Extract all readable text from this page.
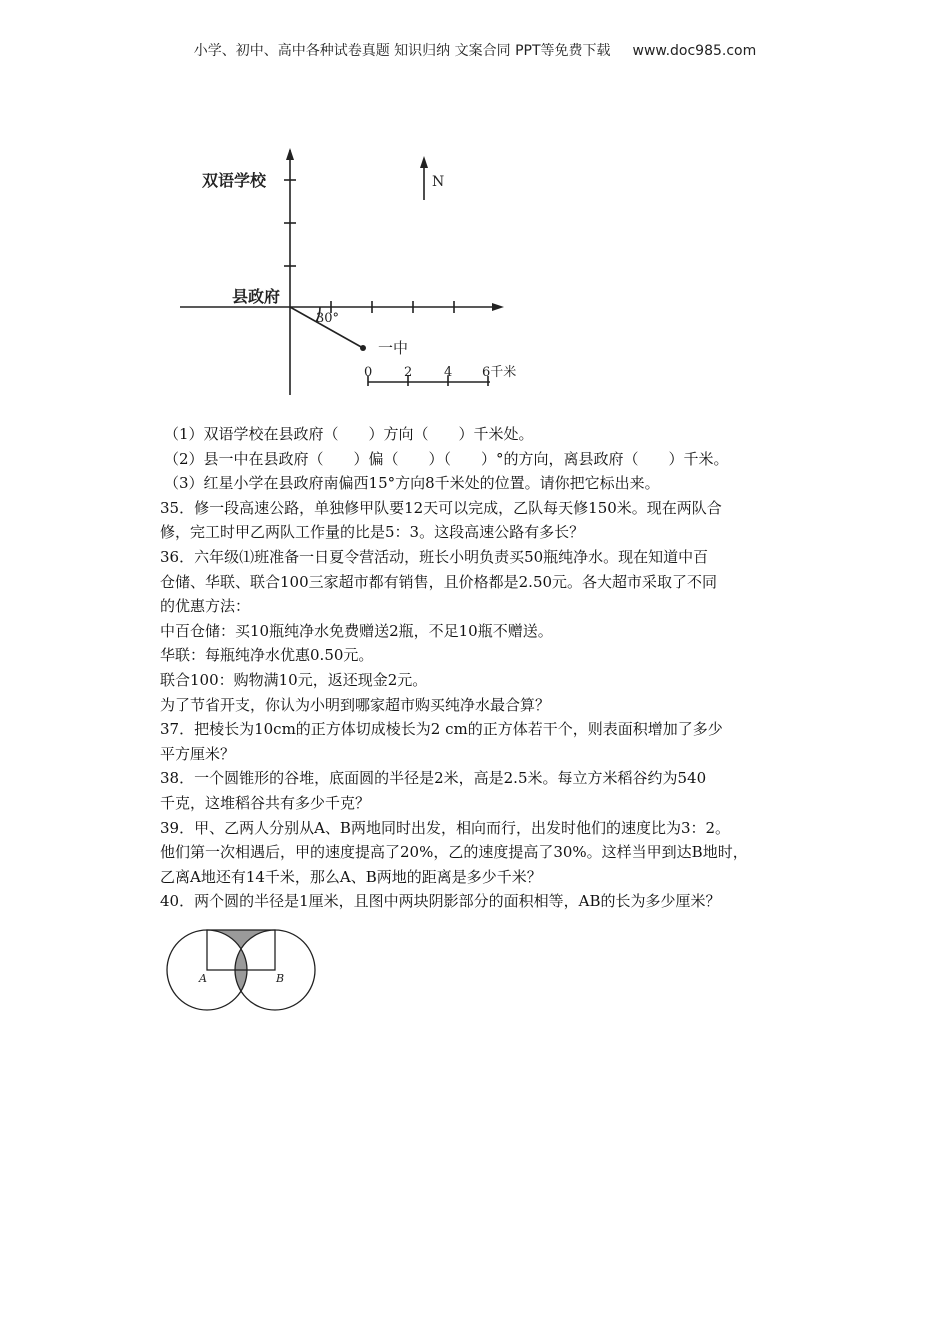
小学、初中、高中各种试卷真题 知识归纳 文案合同 PPT等免费下载 www.doc985.com
双语学校	N
县政府
30°
一中
0 2 4 6千米
（1）双语学校在县政府（　　）方向（　　）千米处。
（2）县一中在县政府（　　）偏（　　）（　　）°的方向，离县政府（　　）千米。
（3）红星小学在县政府南偏西15°方向8千米处的位置。请你把它标出来。
35．修一段高速公路，单独修甲队要12天可以完成，乙队每天修150米。现在两队合
修，完工时甲乙两队工作量的比是5：3。这段高速公路有多长？
36．六年级⑴班准备一日夏令营活动，班长小明负责买50瓶纯净水。现在知道中百
仓储、华联、联合100三家超市都有销售，且价格都是2.50元。各大超市采取了不同
的优惠方法：
中百仓储：买10瓶纯净水免费赠送2瓶，不足10瓶不赠送。
华联：每瓶纯净水优惠0.50元。
联合100：购物满10元，返还现金2元。
为了节省开支，你认为小明到哪家超市购买纯净水最合算？
37．把棱长为10cm的正方体切成棱长为2 cm的正方体若干个，则表面积增加了多少
平方厘米？
38．一个圆锥形的谷堆，底面圆的半径是2米，高是2.5米。每立方米稻谷约为540
千克，这堆稻谷共有多少千克？
39．甲、乙两人分别从A、B两地同时出发，相向而行，出发时他们的速度比为3：2。
他们第一次相遇后，甲的速度提高了20%，乙的速度提高了30%。这样当甲到达B地时，
乙离A地还有14千米，那么A、B两地的距离是多少千米？
40．两个圆的半径是1厘米，且图中两块阴影部分的面积相等，AB的长为多少厘米？
A	B
